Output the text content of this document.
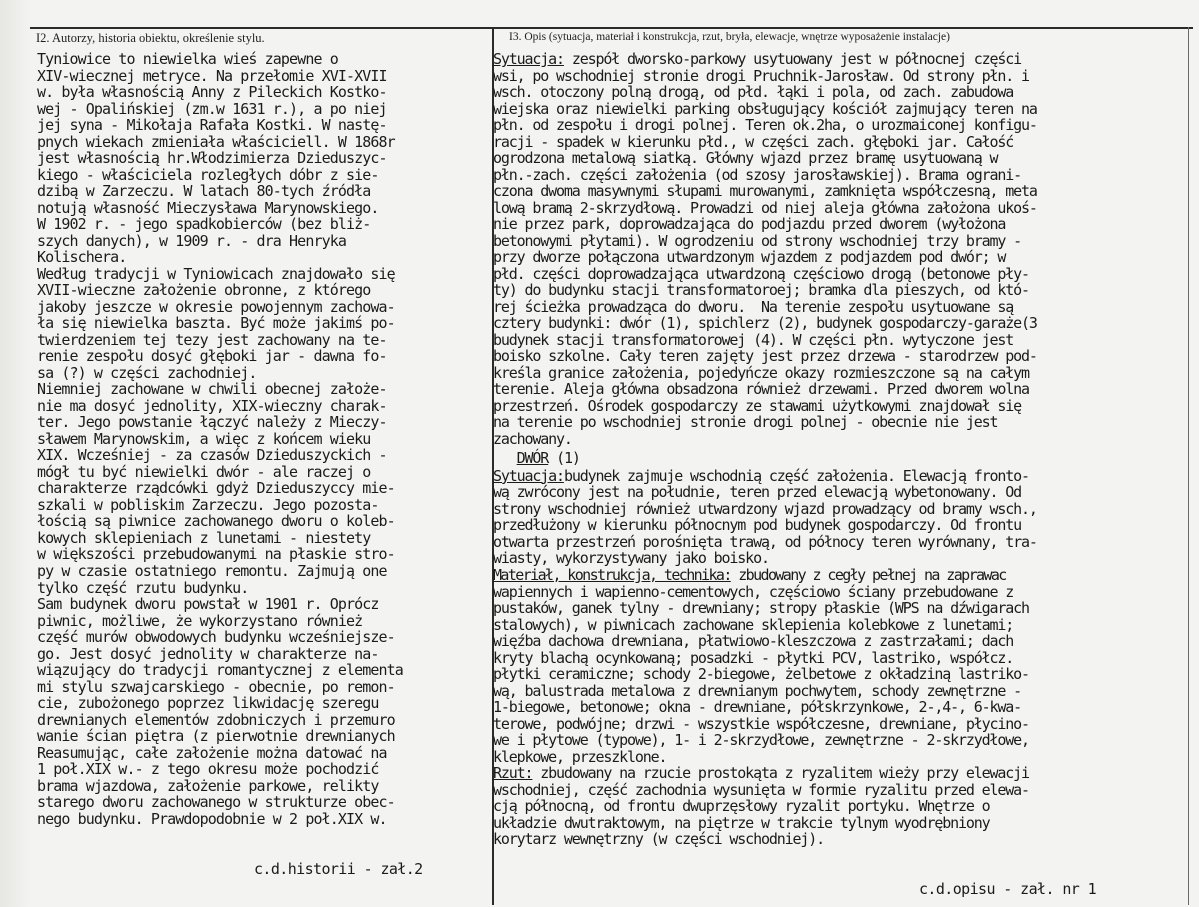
I2. Autorzy, historia obiektu, określenie stylu.	I3. Opis (sytuacja, materiał i konstrukcja, rzut, bryła, elewacje, wnętrze wyposażenie instalacje)

Tyniowice to niewielka wieś zapewne o
XIV-wiecznej metryce. Na przełomie XVI-XVII
w. była własnością Anny z Pileckich Kostko-
wej - Opalińskiej (zm.w 1631 r.), a po niej
jej syna - Mikołaja Rafała Kostki. W nastę-
pnych wiekach zmieniała właściciell. W 1868r
jest własnością hr.Włodzimierza Dzieduszyc-
kiego - właściciela rozległych dóbr z sie-
dzibą w Zarzeczu. W latach 80-tych źródła
notują własność Mieczysława Marynowskiego.
W 1902 r. - jego spadkobierców (bez bliż-
szych danych), w 1909 r. - dra Henryka
Kolischera.
Według tradycji w Tyniowicach znajdowało się
XVII-wieczne założenie obronne, z którego
jakoby jeszcze w okresie powojennym zachowa-
ła się niewielka baszta. Być może jakimś po-
twierdzeniem tej tezy jest zachowany na te-
renie zespołu dosyć głęboki jar - dawna fo-
sa (?) w części zachodniej.
Niemniej zachowane w chwili obecnej założe-
nie ma dosyć jednolity, XIX-wieczny charak-
ter. Jego powstanie łączyć należy z Mieczy-
sławem Marynowskim, a więc z końcem wieku
XIX. Wcześniej - za czasów Dzieduszyckich -
mógł tu być niewielki dwór - ale raczej o
charakterze rządcówki gdyż Dzieduszyccy mie-
szkali w pobliskim Zarzeczu. Jego pozosta-
łością są piwnice zachowanego dworu o koleb-
kowych sklepieniach z lunetami - niestety
w większości przebudowanymi na płaskie stro-
py w czasie ostatniego remontu. Zajmują one
tylko część rzutu budynku.
Sam budynek dworu powstał w 1901 r. Oprócz
piwnic, możliwe, że wykorzystano również
część murów obwodowych budynku wcześniejsze-
go. Jest dosyć jednolity w charakterze na-
wiązujący do tradycji romantycznej z elementa
mi stylu szwajcarskiego - obecnie, po remon-
cie, zubożonego poprzez likwidację szeregu
drewnianych elementów zdobniczych i przemuro
wanie ścian piętra (z pierwotnie drewnianych
Reasumując, całe założenie można datować na
1 poł.XIX w.- z tego okresu może pochodzić
brama wjazdowa, założenie parkowe, relikty
starego dworu zachowanego w strukturze obec-
nego budynku. Prawdopodobnie w 2 poł.XIX w.
Sytuacja: zespół dworsko-parkowy usytuowany jest w północnej części
wsi, po wschodniej stronie drogi Pruchnik-Jarosław. Od strony płn. i
wsch. otoczony polną drogą, od płd. łąki i pola, od zach. zabudowa
wiejska oraz niewielki parking obsługujący kościół zajmujący teren na
płn. od zespołu i drogi polnej. Teren ok.2ha, o urozmaiconej konfigu-
racji - spadek w kierunku płd., w części zach. głęboki jar. Całość
ogrodzona metalową siatką. Główny wjazd przez bramę usytuowaną w
płn.-zach. części założenia (od szosy jarosławskiej). Brama ograni-
czona dwoma masywnymi słupami murowanymi, zamknięta współczesną, meta
lową bramą 2-skrzydłową. Prowadzi od niej aleja główna założona ukoś-
nie przez park, doprowadzająca do podjazdu przed dworem (wyłożona
betonowymi płytami). W ogrodzeniu od strony wschodniej trzy bramy -
przy dworze połączona utwardzonym wjazdem z podjazdem pod dwór; w
płd. części doprowadzająca utwardzoną częściowo drogą (betonowe pły-
ty) do budynku stacji transformatoroej; bramka dla pieszych, od któ-
rej ścieżka prowadząca do dworu.  Na terenie zespołu usytuowane są
cztery budynki: dwór (1), spichlerz (2), budynek gospodarczy-garaże(3
budynek stacji transformatorowej (4). W części płn. wytyczone jest
boisko szkolne. Cały teren zajęty jest przez drzewa - starodrzew pod-
kreśla granice założenia, pojedyńcze okazy rozmieszczone są na całym
terenie. Aleja główna obsadzona również drzewami. Przed dworem wolna
przestrzeń. Ośrodek gospodarczy ze stawami użytkowymi znajdował się
na terenie po wschodniej stronie drogi polnej - obecnie nie jest
zachowany.
DWÓR (1)
Sytuacja:budynek zajmuje wschodnią część założenia. Elewacją fronto-
wą zwrócony jest na południe, teren przed elewacją wybetonowany. Od
strony wschodniej również utwardzony wjazd prowadzący od bramy wsch.,
przedłużony w kierunku północnym pod budynek gospodarczy. Od frontu
otwarta przestrzeń porośnięta trawą, od północy teren wyrównany, tra-
wiasty, wykorzystywany jako boisko.
Materiał, konstrukcja, technika: zbudowany z cegły pełnej na zaprawac
wapiennych i wapienno-cementowych, częściowo ściany przebudowane z
pustaków, ganek tylny - drewniany; stropy płaskie (WPS na dźwigarach
stalowych), w piwnicach zachowane sklepienia kolebkowe z lunetami;
więźba dachowa drewniana, płatwiowo-kleszczowa z zastrzałami; dach
kryty blachą ocynkowaną; posadzki - płytki PCV, lastriko, współcz.
płytki ceramiczne; schody 2-biegowe, żelbetowe z okładziną lastriko-
wą, balustrada metalowa z drewnianym pochwytem, schody zewnętrzne -
1-biegowe, betonowe; okna - drewniane, półskrzynkowe, 2-,4-, 6-kwa-
terowe, podwójne; drzwi - wszystkie współczesne, drewniane, płycino-
we i płytowe (typowe), 1- i 2-skrzydłowe, zewnętrzne - 2-skrzydłowe,
klepkowe, przeszklone.
Rzut: zbudowany na rzucie prostokąta z ryzalitem wieży przy elewacji
wschodniej, część zachodnia wysunięta w formie ryzalitu przed elewa-
cją północną, od frontu dwuprzęsłowy ryzalit portyku. Wnętrze o
układzie dwutraktowym, na piętrze w trakcie tylnym wyodrębniony
korytarz wewnętrzny (w części wschodniej).

c.d.historii - zał.2

c.d.opisu - zał. nr 1
